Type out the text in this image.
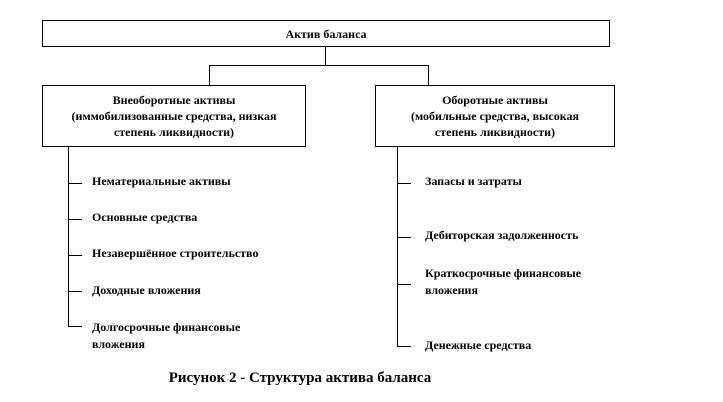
Актив баланса
Внеоборотные активы
(иммобилизованные средства, низкая
степень ликвидности)
Оборотные активы
(мобильные средства, высокая
степень ликвидности)
Нематериальные активы
Основные средства
Незавершённое строительство
Доходные вложения
Долгосрочные финансовые
вложения
Запасы и затраты
Дебиторская задолженность
Краткосрочные финансовые
вложения
Денежные средства
Рисунок 2 - Структура актива баланса
